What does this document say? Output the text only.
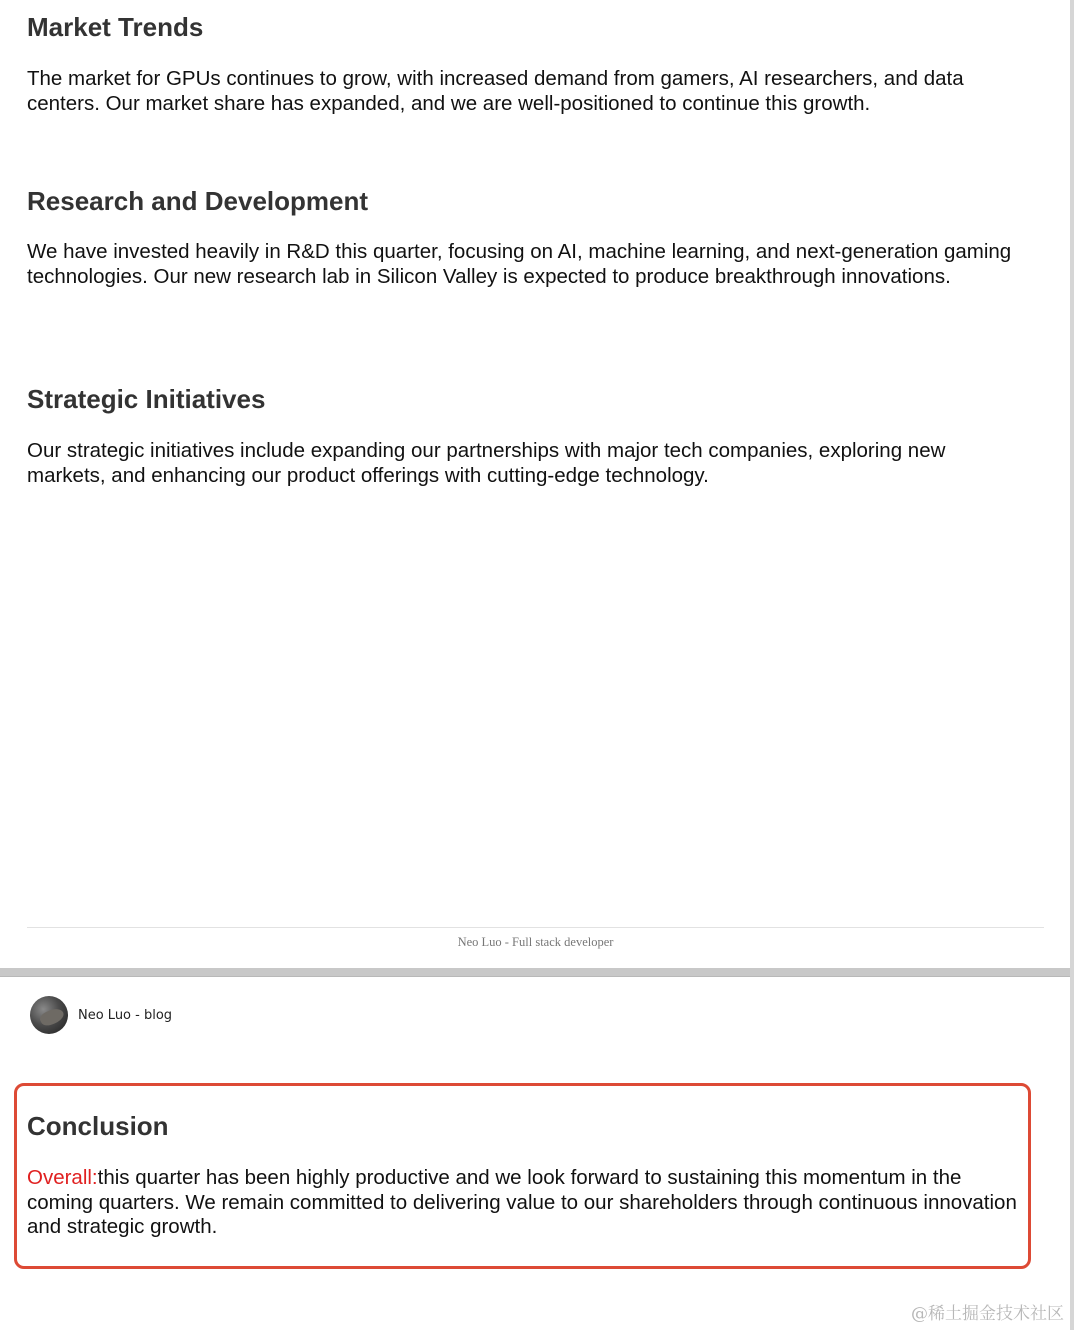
Market Trends

The market for GPUs continues to grow, with increased demand from gamers, AI researchers, and data centers. Our market share has expanded, and we are well-positioned to continue this growth.

Research and Development

We have invested heavily in R&D this quarter, focusing on AI, machine learning, and next-generation gaming technologies. Our new research lab in Silicon Valley is expected to produce breakthrough innovations.

Strategic Initiatives

Our strategic initiatives include expanding our partnerships with major tech companies, exploring new markets, and enhancing our product offerings with cutting-edge technology.

Neo Luo - Full stack developer
Neo Luo - blog
Conclusion

Overall:this quarter has been highly productive and we look forward to sustaining this momentum in the coming quarters. We remain committed to delivering value to our shareholders through continuous innovation and strategic growth.

@稀土掘金技术社区
